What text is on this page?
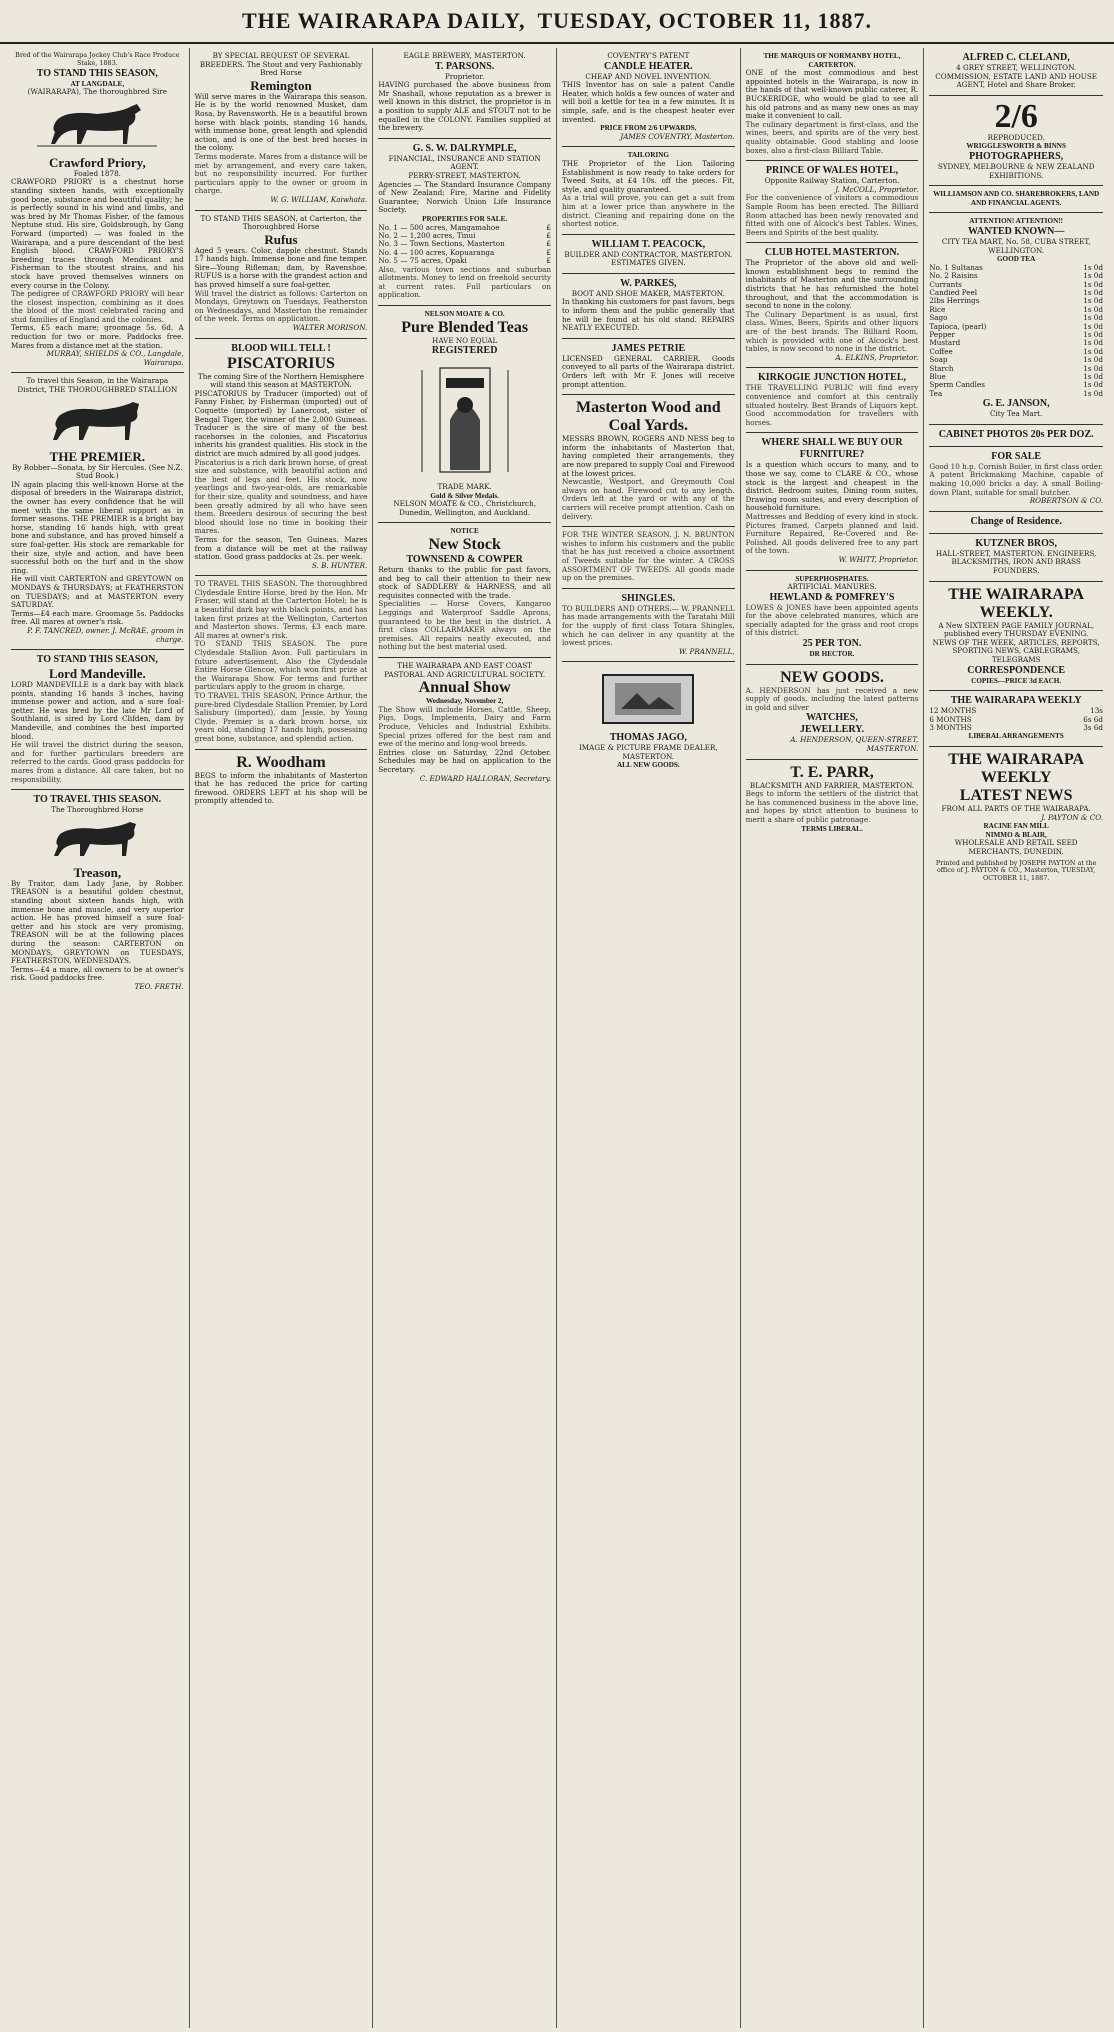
THE WAIRARAPA DAILY, TUESDAY, OCTOBER 11, 1887.
Bred of the Wairarapa Jockey Club's Race Produce Stake, 1883.
TO STAND THIS SEASON,
AT LANGDALE,
(WAIRARAPA), The thoroughbred Sire
Crawford Priory,
Foaled 1878.

CRAWFORD PRIORY is a chestnut horse standing sixteen hands, with exceptionally good bone, substance and beautiful quality; he is perfectly sound in his wind and limbs, and was bred by Mr Thomas Fisher, of the famous Neptune stud. His sire, Goldsbrough, by Gang Forward (imported) — was foaled in the Wairarapa, and a pure descendant of the best English blood. CRAWFORD PRIORY'S breeding traces through Mendicant and Fisherman to the stoutest strains, and his stock have proved themselves winners on every course in the Colony.

The pedigree of CRAWFORD PRIORY will bear the closest inspection, combining as it does the blood of the most celebrated racing and stud families of England and the colonies.

Terms, £5 each mare; groomage 5s. 6d. A reduction for two or more. Paddocks free. Mares from a distance met at the station.

MURRAY, SHIELDS & CO., Langdale, Wairarapa.
To travel this Season, in the Wairarapa District, THE THOROUGHBRED STALLION
THE PREMIER.
By Robber—Sonata, by Sir Hercules. (See N.Z. Stud Book.)

IN again placing this well-known Horse at the disposal of breeders in the Wairarapa district, the owner has every confidence that he will meet with the same liberal support as in former seasons. THE PREMIER is a bright bay horse, standing 16 hands high, with great bone and substance, and has proved himself a sure foal-getter. His stock are remarkable for their size, style and action, and have been successful both on the turf and in the show ring.

He will visit CARTERTON and GREYTOWN on MONDAYS & THURSDAYS; at FEATHERSTON on TUESDAYS; and at MASTERTON every SATURDAY.

Terms—£4 each mare. Groomage 5s. Paddocks free. All mares at owner's risk.

P. F. TANCRED, owner. J. McRAE, groom in charge.
TO STAND THIS SEASON,
Lord Mandeville.

LORD MANDEVILLE is a dark bay with black points, standing 16 hands 3 inches, having immense power and action, and a sure foal-getter. He was bred by the late Mr Lord of Southland, is sired by Lord Clifden, dam by Mandeville, and combines the best imported blood.

He will travel the district during the season, and for further particulars breeders are referred to the cards. Good grass paddocks for mares from a distance. All care taken, but no responsibility.

TO TRAVEL THIS SEASON.
The Thoroughbred Horse
Treason,

By Traitor, dam Lady Jane, by Robber. TREASON is a beautiful golden chestnut, standing about sixteen hands high, with immense bone and muscle, and very superior action. He has proved himself a sure foal-getter and his stock are very promising. TREASON will be at the following places during the season: CARTERTON on MONDAYS, GREYTOWN on TUESDAYS, FEATHERSTON, WEDNESDAYS.

Terms—£4 a mare, all owners to be at owner's risk. Good paddocks free.

TEO. FRETH.
BY SPECIAL REQUEST OF SEVERAL BREEDERS. The Stout and very Fashionably Bred Horse
Remington

Will serve mares in the Wairarapa this season. He is by the world renowned Musket, dam Rosa, by Ravensworth. He is a beautiful brown horse with black points, standing 16 hands, with immense bone, great length and splendid action, and is one of the best bred horses in the colony.

Terms moderate. Mares from a distance will be met by arrangement, and every care taken, but no responsibility incurred. For further particulars apply to the owner or groom in charge.

W. G. WILLIAM, Kaiwhata.
TO STAND THIS SEASON, at Carterton, the Thoroughbred Horse
Rufus

Aged 5 years. Color, dapple chestnut. Stands 17 hands high. Immense bone and fine temper. Sire—Young Rifleman; dam, by Ravenshoe. RUFUS is a horse with the grandest action and has proved himself a sure foal-getter.

Will travel the district as follows: Carterton on Mondays, Greytown on Tuesdays, Featherston on Wednesdays, and Masterton the remainder of the week. Terms on application.

WALTER MORISON.
BLOOD WILL TELL !
PISCATORIUS
The coming Sire of the Northern Hemisphere will stand this season at MASTERTON.

PISCATORIUS by Traducer (imported) out of Fanny Fisher, by Fisherman (imported) out of Coquette (imported) by Lanercost, sister of Bengal Tiger, the winner of the 2,000 Guineas. Traducer is the sire of many of the best racehorses in the colonies, and Piscatorius inherits his grandest qualities. His stock in the district are much admired by all good judges.

Piscatorius is a rich dark brown horse, of great size and substance, with beautiful action and the best of legs and feet. His stock, now yearlings and two-year-olds, are remarkable for their size, quality and soundness, and have been greatly admired by all who have seen them. Breeders desirous of securing the best blood should lose no time in booking their mares.

Terms for the season, Ten Guineas. Mares from a distance will be met at the railway station. Good grass paddocks at 2s. per week.

S. B. HUNTER.

TO TRAVEL THIS SEASON. The thoroughbred Clydesdale Entire Horse, bred by the Hon. Mr Fraser, will stand at the Carterton Hotel; he is a beautiful dark bay with black points, and has taken first prizes at the Wellington, Carterton and Masterton shows. Terms, £3 each mare. All mares at owner's risk.

TO STAND THIS SEASON. The pure Clydesdale Stallion Avon. Full particulars in future advertisement. Also the Clydesdale Entire Horse Glencoe, which won first prize at the Wairarapa Show. For terms and further particulars apply to the groom in charge.

TO TRAVEL THIS SEASON, Prince Arthur, the pure-bred Clydesdale Stallion Premier, by Lord Salisbury (imported), dam Jessie, by Young Clyde. Premier is a dark brown horse, six years old, standing 17 hands high, possessing great bone, substance, and splendid action.

R. Woodham

BEGS to inform the inhabitants of Masterton that he has reduced the price for carting firewood. ORDERS LEFT at his shop will be promptly attended to.

EAGLE BREWERY, MASTERTON.
T. PARSONS.
Proprietor.

HAVING purchased the above business from Mr Snashall, whose reputation as a brewer is well known in this district, the proprietor is in a position to supply ALE and STOUT not to be equalled in the COLONY. Families supplied at the brewery.

G. S. W. DALRYMPLE,
FINANCIAL, INSURANCE AND STATION AGENT.
PERRY-STREET, MASTERTON.

Agencies — The Standard Insurance Company of New Zealand; Fire, Marine and Fidelity Guarantee; Norwich Union Life Insurance Society.

PROPERTIES FOR SALE.
No. 1 — 500 acres, Mangamahoe	£
No. 2 — 1,200 acres, Tinui	£
No. 3 — Town Sections, Masterton	£
No. 4 — 100 acres, Kopuaranga	£
No. 5 — 75 acres, Opaki	£

Also, various town sections and suburban allotments. Money to lend on freehold security at current rates. Full particulars on application.

NELSON MOATE & CO.
Pure Blended Teas
HAVE NO EQUAL
REGISTERED
TRADE MARK.
Gold & Silver Medals.
NELSON MOATE & CO., Christchurch, Dunedin, Wellington, and Auckland.
NOTICE
New Stock
TOWNSEND & COWPER

Return thanks to the public for past favors, and beg to call their attention to their new stock of SADDLERY & HARNESS, and all requisites connected with the trade.

Specialities — Horse Covers, Kangaroo Leggings and Waterproof Saddle Aprons, guaranteed to be the best in the district. A first class COLLARMAKER always on the premises. All repairs neatly executed, and nothing but the best material used.

THE WAIRARAPA AND EAST COAST PASTORAL AND AGRICULTURAL SOCIETY.
Annual Show
Wednesday, November 2,

The Show will include Horses, Cattle, Sheep, Pigs, Dogs, Implements, Dairy and Farm Produce, Vehicles and Industrial Exhibits. Special prizes offered for the best ram and ewe of the merino and long-wool breeds.

Entries close on Saturday, 22nd October. Schedules may be had on application to the Secretary.

C. EDWARD HALLORAN, Secretary.
COVENTRY'S PATENT
CANDLE HEATER.
CHEAP AND NOVEL INVENTION.

THIS Inventor has on sale a patent Candle Heater, which holds a few ounces of water and will boil a kettle for tea in a few minutes. It is simple, safe, and is the cheapest heater ever invented.

PRICE FROM 2/6 UPWARDS.
JAMES COVENTRY, Masterton.
TAILORING

THE Proprietor of the Lion Tailoring Establishment is now ready to take orders for Tweed Suits, at £4 10s. off the pieces. Fit, style, and quality guaranteed.

As a trial will prove, you can get a suit from him at a lower price than anywhere in the district. Cleaning and repairing done on the shortest notice.

WILLIAM T. PEACOCK,
BUILDER AND CONTRACTOR, MASTERTON. ESTIMATES GIVEN.
W. PARKES,
BOOT AND SHOE MAKER, MASTERTON.

In thanking his customers for past favors, begs to inform them and the public generally that he will be found at his old stand. REPAIRS NEATLY EXECUTED.

JAMES PETRIE

LICENSED GENERAL CARRIER. Goods conveyed to all parts of the Wairarapa district. Orders left with Mr F. Jones will receive prompt attention.

Masterton Wood and Coal Yards.

MESSRS BROWN, ROGERS AND NESS beg to inform the inhabitants of Masterton that, having completed their arrangements, they are now prepared to supply Coal and Firewood at the lowest prices.

Newcastle, Westport, and Greymouth Coal always on hand. Firewood cut to any length. Orders left at the yard or with any of the carriers will receive prompt attention. Cash on delivery.

FOR THE WINTER SEASON. J. N. BRUNTON wishes to inform his customers and the public that he has just received a choice assortment of Tweeds suitable for the winter. A CROSS ASSORTMENT OF TWEEDS. All goods made up on the premises.

SHINGLES.

TO BUILDERS AND OTHERS.— W. PRANNELL has made arrangements with the Taratahi Mill for the supply of first class Totara Shingles, which he can deliver in any quantity at the lowest prices.

W. PRANNELL,
THOMAS JAGO,
IMAGE & PICTURE FRAME DEALER, MASTERTON.
ALL NEW GOODS.
THE MARQUIS OF NORMANBY HOTEL, CARTERTON.

ONE of the most commodious and best appointed hotels in the Wairarapa, is now in the hands of that well-known public caterer, R. BUCKERIDGE, who would be glad to see all his old patrons and as many new ones as may make it convenient to call.

The culinary department is first-class, and the wines, beers, and spirits are of the very best quality obtainable. Good stabling and loose boxes, also a first-class Billiard Table.

PRINCE OF WALES HOTEL,
Opposite Railway Station, Carterton.
J. McCOLL, Proprietor.

For the convenience of visitors a commodious Sample Room has been erected. The Billiard Room attached has been newly renovated and fitted with one of Alcock's best Tables. Wines, Beers and Spirits of the best quality.

CLUB HOTEL MASTERTON.

The Proprietor of the above old and well-known establishment begs to remind the inhabitants of Masterton and the surrounding districts that he has refurnished the hotel throughout, and that the accommodation is second to none in the colony.

The Culinary Department is as usual, first class. Wines, Beers, Spirits and other liquors are of the best brands. The Billiard Room, which is provided with one of Alcock's best tables, is now second to none in the district.

A. ELKINS, Proprietor.
KIRKOGIE JUNCTION HOTEL,

THE TRAVELLING PUBLIC will find every convenience and comfort at this centrally situated hostelry. Best Brands of Liquors kept. Good accommodation for travellers with horses.

WHERE SHALL WE BUY OUR FURNITURE?

Is a question which occurs to many, and to those we say, come to CLARE & CO., whose stock is the largest and cheapest in the district. Bedroom suites, Dining room suites, Drawing room suites, and every description of household furniture.

Mattresses and Bedding of every kind in stock. Pictures framed, Carpets planned and laid. Furniture Repaired, Re-Covered and Re-Polished. All goods delivered free to any part of the town.

W. WHITT, Proprietor.
SUPERPHOSPHATES.
ARTIFICIAL MANURES.
HEWLAND & POMFREY'S

LOWES & JONES have been appointed agents for the above celebrated manures, which are specially adapted for the grass and root crops of this district.

25 PER TON.
DR HECTOR.
NEW GOODS.

A. HENDERSON has just received a new supply of goods, including the latest patterns in gold and silver

WATCHES,
JEWELLERY.
A. HENDERSON, QUEEN-STREET, MASTERTON.
T. E. PARR,
BLACKSMITH AND FARRIER, MASTERTON.

Begs to inform the settlers of the district that he has commenced business in the above line, and hopes by strict attention to business to merit a share of public patronage.

TERMS LIBERAL.
ALFRED C. CLELAND,
4 GREY STREET, WELLINGTON.
COMMISSION, ESTATE LAND AND HOUSE AGENT, Hotel and Share Broker.
2/6
REPRODUCED.
WRIGGLESWORTH & BINNS
PHOTOGRAPHERS,
SYDNEY, MELBOURNE & NEW ZEALAND EXHIBITIONS.
WILLIAMSON AND CO. SHAREBROKERS, LAND AND FINANCIAL AGENTS.
ATTENTION! ATTENTION!!
WANTED KNOWN—
CITY TEA MART, No. 58, CUBA STREET, WELLINGTON.
GOOD TEA
No. 1 Sultanas	1s 0d
No. 2 Raisins	1s 0d
Currants	1s 0d
Candied Peel	1s 0d
2lbs Herrings	1s 0d
Rice	1s 0d
Sago	1s 0d
Tapioca, (pearl)	1s 0d
Pepper	1s 0d
Mustard	1s 0d
Coffee	1s 0d
Soap	1s 0d
Starch	1s 0d
Blue	1s 0d
Sperm Candles	1s 0d
Tea	1s 0d
G. E. JANSON,
City Tea Mart.
CABINET PHOTOS 20s PER DOZ.
FOR SALE

Good 10 h.p. Cornish Boiler, in first class order. A patent Brickmaking Machine, capable of making 10,000 bricks a day. A small Boiling-down Plant, suitable for small butcher.

ROBERTSON & CO.
Change of Residence.
KUTZNER BROS,
HALL-STREET, MASTERTON. ENGINEERS, BLACKSMITHS, IRON AND BRASS FOUNDERS.
THE WAIRARAPA WEEKLY.
A New SIXTEEN PAGE FAMILY JOURNAL, published every THURSDAY EVENING.
NEWS OF THE WEEK, ARTICLES, REPORTS, SPORTING NEWS, CABLEGRAMS, TELEGRAMS
CORRESPONDENCE
COPIES—PRICE 3d EACH.
THE WAIRARAPA WEEKLY
12 MONTHS	13s
6 MONTHS	6s 6d
3 MONTHS	3s 6d
LIBERAL ARRANGEMENTS
THE WAIRARAPA WEEKLY
LATEST NEWS
FROM ALL PARTS OF THE WAIRARAPA.
J. PAYTON & CO.
RACINE FAN MILL
NIMMO & BLAIR,
WHOLESALE AND RETAIL SEED MERCHANTS, DUNEDIN.
Printed and published by JOSEPH PAYTON at the office of J. PAYTON & CO., Masterton, TUESDAY, OCTOBER 11, 1887.
